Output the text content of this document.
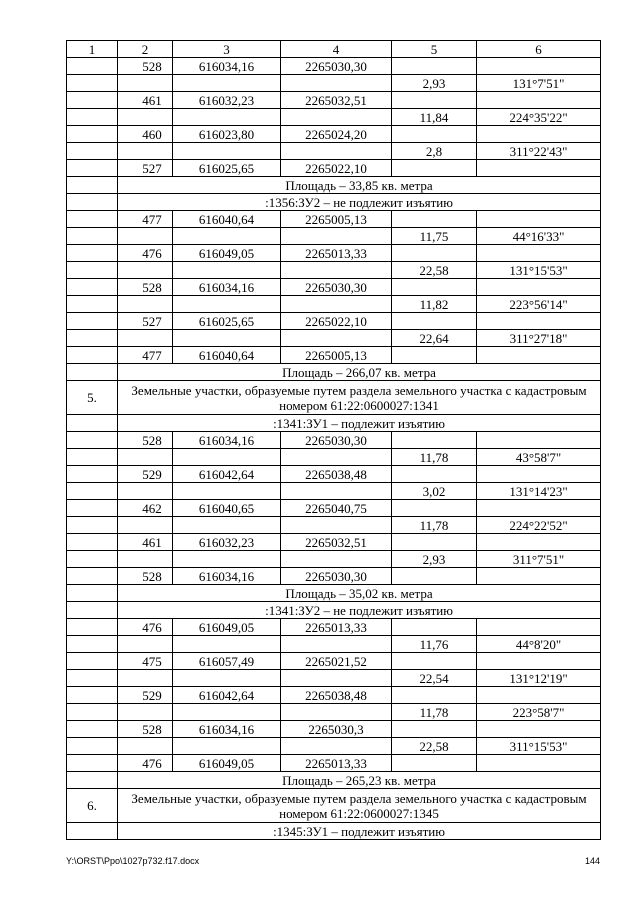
1	2	3	4	5	6
	528	616034,16	2265030,30		
				2,93	131°7'51"
	461	616032,23	2265032,51		
				11,84	224°35'22"
	460	616023,80	2265024,20		
				2,8	311°22'43"
	527	616025,65	2265022,10		
	Площадь – 33,85 кв. метра				
	:1356:ЗУ2 – не подлежит изъятию				
	477	616040,64	2265005,13		
				11,75	44°16'33"
	476	616049,05	2265013,33		
				22,58	131°15'53"
	528	616034,16	2265030,30		
				11,82	223°56'14"
	527	616025,65	2265022,10		
				22,64	311°27'18"
	477	616040,64	2265005,13		
	Площадь – 266,07 кв. метра				
5.	Земельные участки, образуемые путем раздела земельного участка с кадастровым номером 61:22:0600027:1341				
	:1341:ЗУ1 – подлежит изъятию				
	528	616034,16	2265030,30		
				11,78	43°58'7"
	529	616042,64	2265038,48		
				3,02	131°14'23"
	462	616040,65	2265040,75		
				11,78	224°22'52"
	461	616032,23	2265032,51		
				2,93	311°7'51"
	528	616034,16	2265030,30		
	Площадь – 35,02 кв. метра				
	:1341:ЗУ2 – не подлежит изъятию				
	476	616049,05	2265013,33		
				11,76	44°8'20"
	475	616057,49	2265021,52		
				22,54	131°12'19"
	529	616042,64	2265038,48		
				11,78	223°58'7"
	528	616034,16	2265030,3		
				22,58	311°15'53"
	476	616049,05	2265013,33		
	Площадь – 265,23 кв. метра				
6.	Земельные участки, образуемые путем раздела земельного участка с кадастровым номером 61:22:0600027:1345				
	:1345:ЗУ1 – подлежит изъятию				
Y:\ORST\Ppo\1027p732.f17.docx	144
